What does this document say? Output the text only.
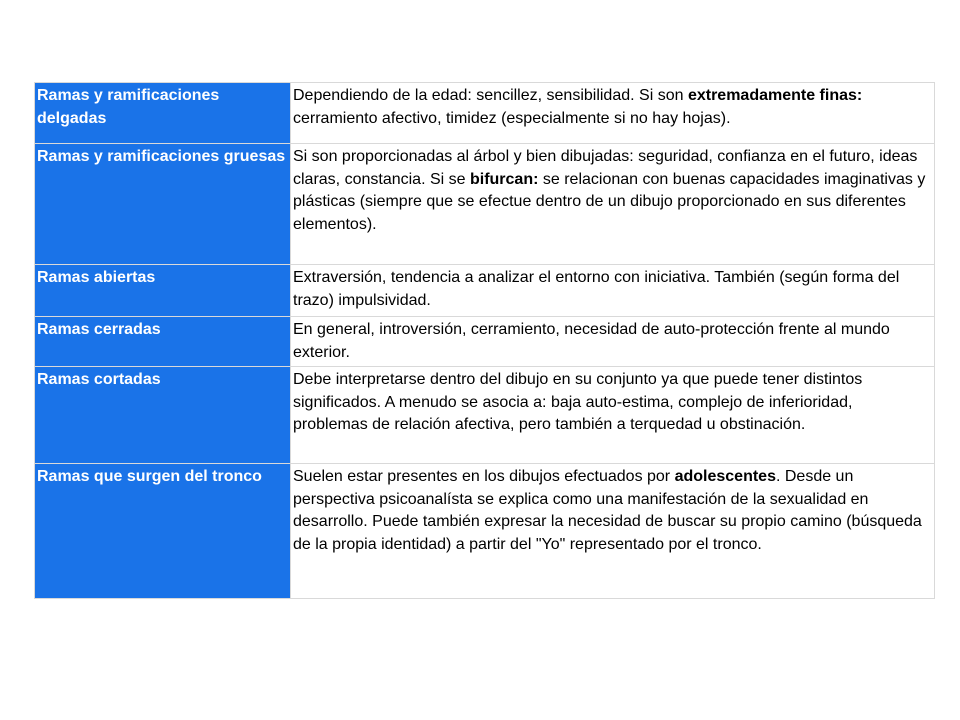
Ramas y ramificaciones delgadas	Dependiendo de la edad: sencillez, sensibilidad. Si son extremadamente finas: cerramiento afectivo, timidez (especialmente si no hay hojas).
Ramas y ramificaciones gruesas	Si son proporcionadas al árbol y bien dibujadas: seguridad, confianza en el futuro, ideas claras, constancia. Si se bifurcan: se relacionan con buenas capacidades imaginativas y plásticas (siempre que se efectue dentro de un dibujo proporcionado en sus diferentes elementos).
Ramas abiertas	Extraversión, tendencia a analizar el entorno con iniciativa. También (según forma del trazo) impulsividad.
Ramas cerradas	En general, introversión, cerramiento, necesidad de auto-protección frente al mundo exterior.
Ramas cortadas	Debe interpretarse dentro del dibujo en su conjunto ya que puede tener distintos significados. A menudo se asocia a: baja auto-estima, complejo de inferioridad, problemas de relación afectiva, pero también a terquedad u obstinación.
Ramas que surgen del tronco	Suelen estar presentes en los dibujos efectuados por adolescentes. Desde un perspectiva psicoanalísta se explica como una manifestación de la sexualidad en desarrollo. Puede también expresar la necesidad de buscar su propio camino (búsqueda de la propia identidad) a partir del "Yo" representado por el tronco.
